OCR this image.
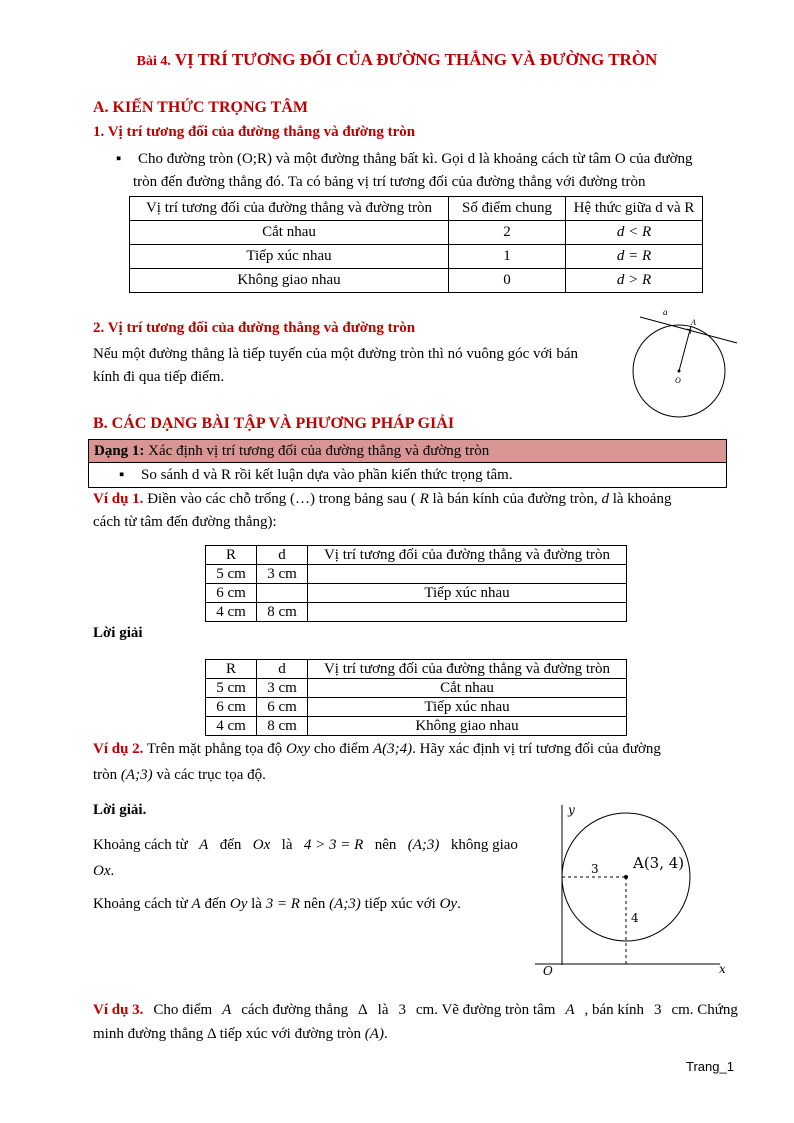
Bài 4. VỊ TRÍ TƯƠNG ĐỐI CỦA ĐƯỜNG THẲNG VÀ ĐƯỜNG TRÒN
A. KIẾN THỨC TRỌNG TÂM
1. Vị trí tương đối của đường thẳng và đường tròn
▪ Cho đường tròn (O;R) và một đường thẳng bất kì. Gọi d là khoảng cách từ tâm O của đường
tròn đến đường thẳng đó. Ta có bảng vị trí tương đối của đường thẳng với đường tròn
Vị trí tương đối của đường thẳng và đường tròn	Số điểm chung	Hệ thức giữa d và R
Cắt nhau	2	d < R
Tiếp xúc nhau	1	d = R
Không giao nhau	0	d > R
2. Vị trí tương đối của đường thẳng và đường tròn
Nếu một đường thẳng là tiếp tuyến của một đường tròn thì nó vuông góc với bán
kính đi qua tiếp điểm.
a
A
O
B. CÁC DẠNG BÀI TẬP VÀ PHƯƠNG PHÁP GIẢI
Dạng 1: Xác định vị trí tương đối của đường thẳng và đường tròn
▪ So sánh d và R rồi kết luận dựa vào phần kiến thức trọng tâm.
Ví dụ 1. Điền vào các chỗ trống (…) trong bảng sau ( R là bán kính của đường tròn, d là khoảng
cách từ tâm đến đường thẳng):
R	d	Vị trí tương đối của đường thẳng và đường tròn
5 cm	3 cm	
6 cm		Tiếp xúc nhau
4 cm	8 cm	
Lời giải
R	d	Vị trí tương đối của đường thẳng và đường tròn
5 cm	3 cm	Cắt nhau
6 cm	6 cm	Tiếp xúc nhau
4 cm	8 cm	Không giao nhau
Ví dụ 2. Trên mặt phẳng tọa độ Oxy cho điểm A(3;4). Hãy xác định vị trí tương đối của đường
tròn (A;3) và các trục tọa độ.
Lời giải.
Khoảng cách từ A đến Ox là 4 > 3 = R nên (A;3) không giao
Ox.
Khoảng cách từ A đến Oy là 3 = R nên (A;3) tiếp xúc với Oy.
y
x
O
A(3, 4)
3
4
Ví dụ 3. Cho điểm A cách đường thẳng Δ là 3 cm. Vẽ đường tròn tâm A , bán kính 3 cm. Chứng
minh đường thẳng Δ tiếp xúc với đường tròn (A).
Trang_1
